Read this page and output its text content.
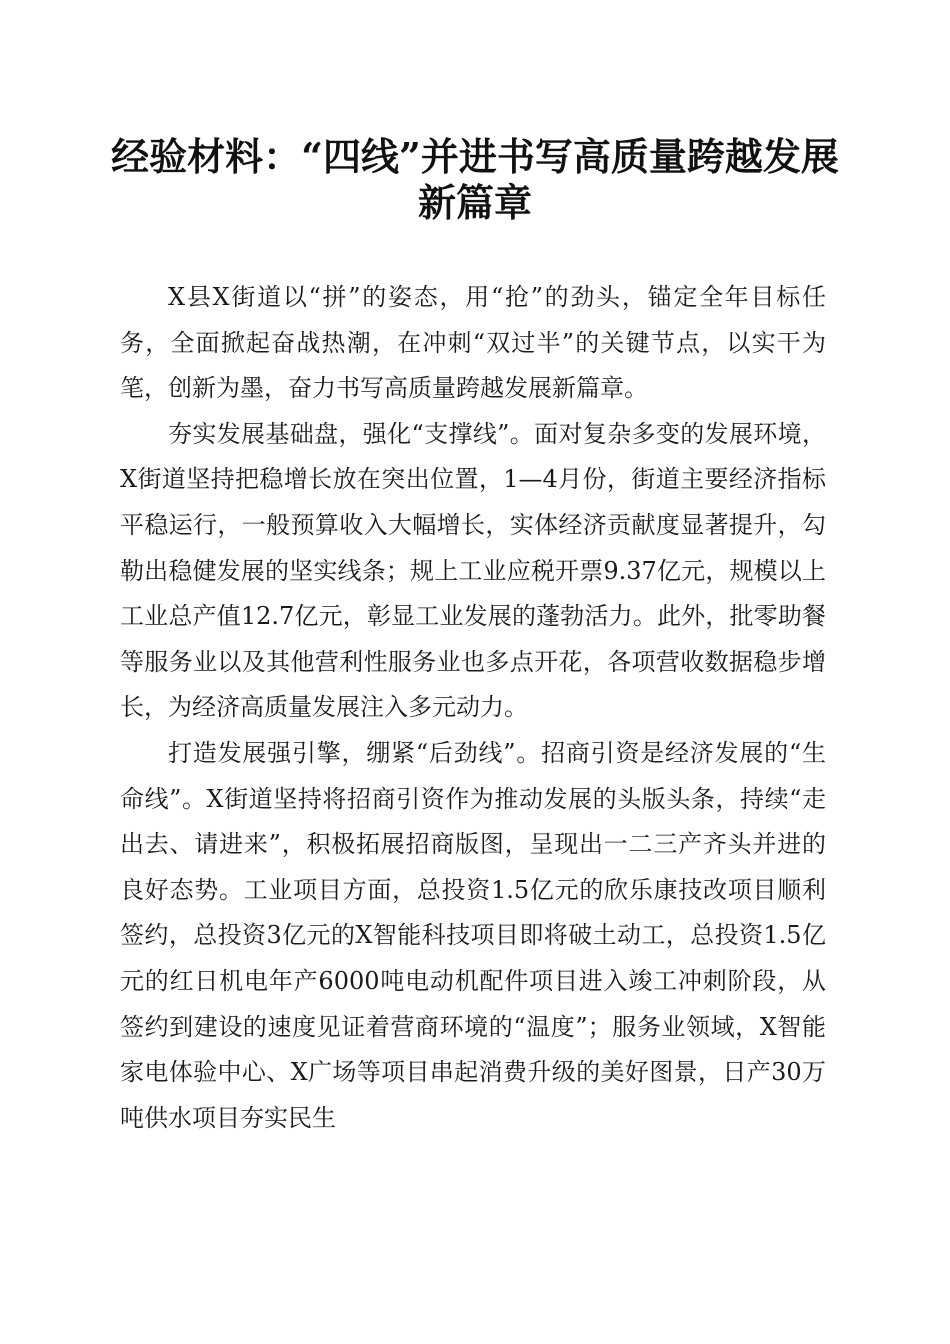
经验材料：“四线”并进书写高质量跨越发展新篇章

X县X街道以“拼”的姿态，用“抢”的劲头，锚定全年目标任务，全面掀起奋战热潮，在冲刺“双过半”的关键节点，以实干为笔，创新为墨，奋力书写高质量跨越发展新篇章。

夯实发展基础盘，强化“支撑线”。面对复杂多变的发展环境，X街道坚持把稳增长放在突出位置，1—4月份，街道主要经济指标平稳运行，一般预算收入大幅增长，实体经济贡献度显著提升，勾勒出稳健发展的坚实线条；规上工业应税开票9.37亿元，规模以上工业总产值12.7亿元，彰显工业发展的蓬勃活力。此外，批零助餐等服务业以及其他营利性服务业也多点开花，各项营收数据稳步增长，为经济高质量发展注入多元动力。

打造发展强引擎，绷紧“后劲线”。招商引资是经济发展的“生命线”。X街道坚持将招商引资作为推动发展的头版头条，持续“走出去、请进来”，积极拓展招商版图，呈现出一二三产齐头并进的良好态势。工业项目方面，总投资1.5亿元的欣乐康技改项目顺利签约，总投资3亿元的X智能科技项目即将破土动工，总投资1.5亿元的红日机电年产6000吨电动机配件项目进入竣工冲刺阶段，从签约到建设的速度见证着营商环境的“温度”；服务业领域，X智能家电体验中心、X广场等项目串起消费升级的美好图景，日产30万吨供水项目夯实民生
